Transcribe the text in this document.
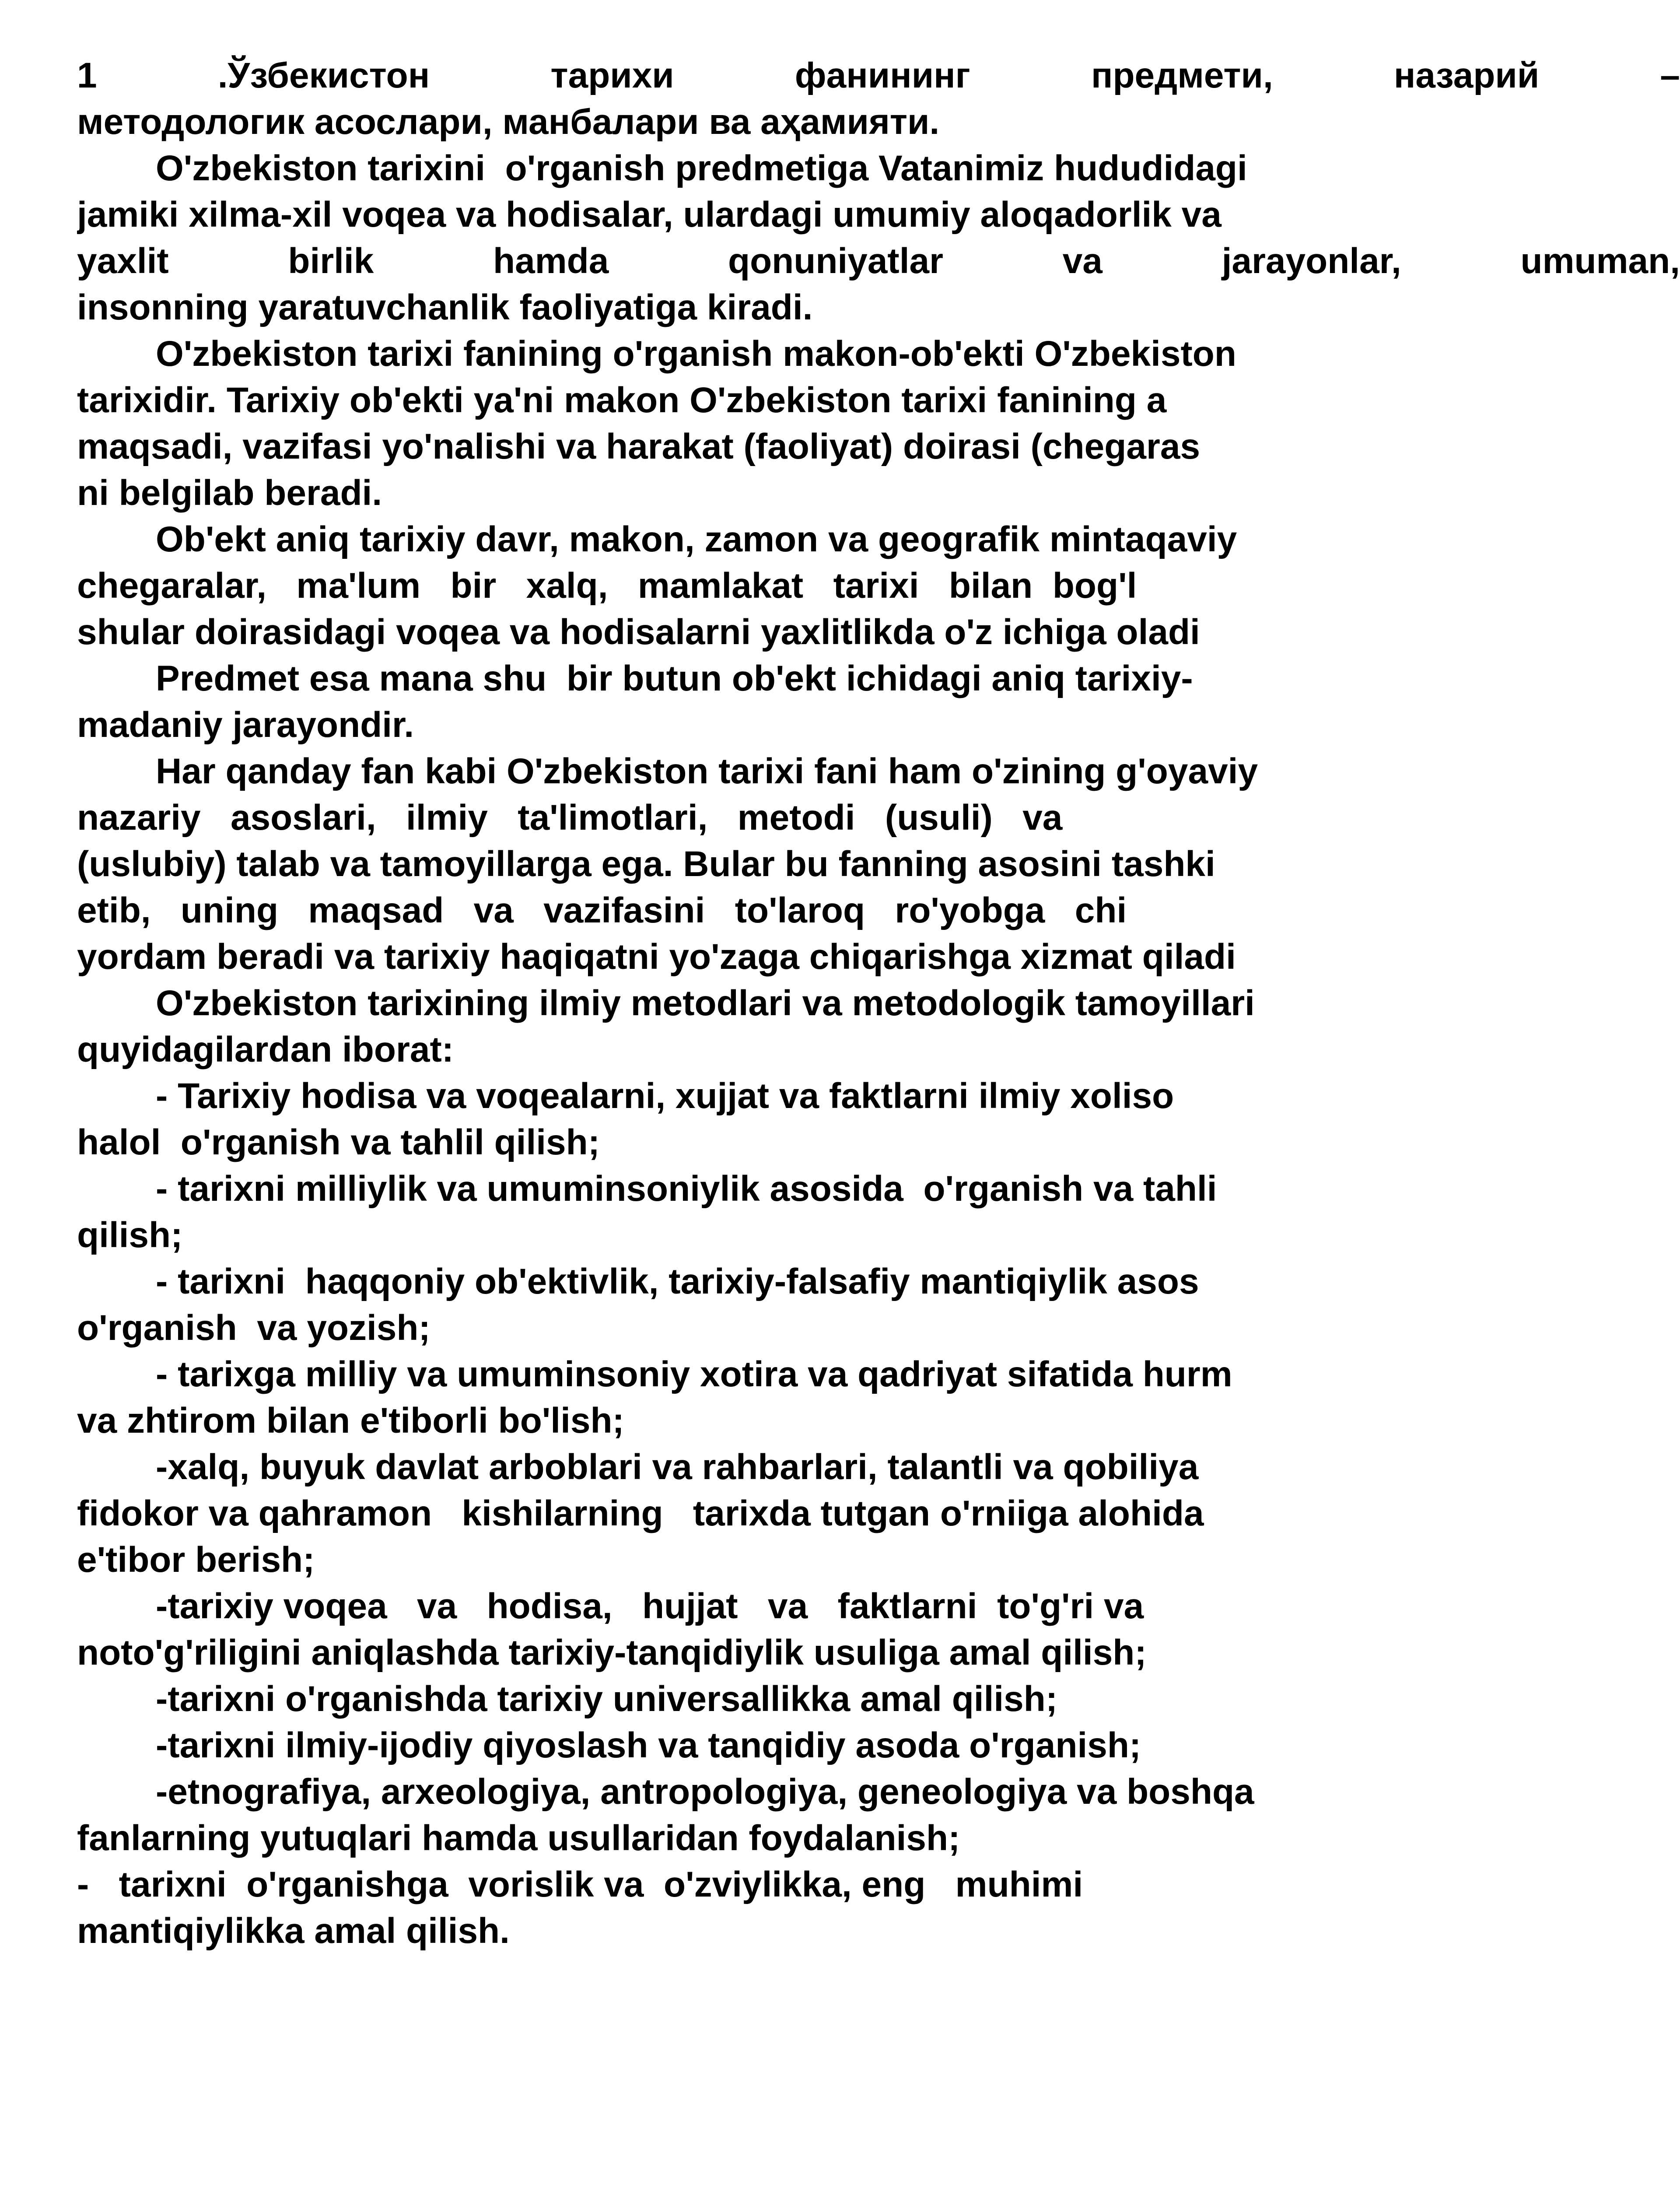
1 .Ўзбекистон тарихи фанининг предмети, назарий –
методологик асослари, манбалари ва аҳамияти.
O'zbekiston tarixini  o'rganish predmetiga Vatanimiz hududidagi
jamiki xilma-xil voqea va hodisalar, ulardagi umumiy aloqadorlik va
yaxlit birlik hamda qonuniyatlar va jarayonlar, umuman,
insonning yaratuvchanlik faoliyatiga kiradi.
O'zbekiston tarixi fanining o'rganish makon-ob'ekti O'zbekiston
tarixidir. Tarixiy ob'ekti ya'ni makon O'zbekiston tarixi fanining a
maqsadi, vazifasi yo'nalishi va harakat (faoliyat) doirasi (chegaras
ni belgilab beradi.
Ob'ekt aniq tarixiy davr, makon, zamon va geografik mintaqaviy
chegaralar,   ma'lum   bir   xalq,   mamlakat   tarixi   bilan  bog'l
shular doirasidagi voqea va hodisalarni yaxlitlikda o'z ichiga oladi
Predmet esa mana shu  bir butun ob'ekt ichidagi aniq tarixiy-
madaniy jarayondir.
Har qanday fan kabi O'zbekiston tarixi fani ham o'zining g'oyaviy
nazariy   asoslari,   ilmiy   ta'limotlari,   metodi   (usuli)   va
(uslubiy) talab va tamoyillarga ega. Bular bu fanning asosini tashki
etib,   uning   maqsad   va   vazifasini   to'laroq   ro'yobga   chi
yordam beradi va tarixiy haqiqatni yo'zaga chiqarishga xizmat qiladi
O'zbekiston tarixining ilmiy metodlari va metodologik tamoyillari
quyidagilardan iborat:
- Tarixiy hodisa va voqealarni, xujjat va faktlarni ilmiy xoliso
halol  o'rganish va tahlil qilish;
- tarixni milliylik va umuminsoniylik asosida  o'rganish va tahli
qilish;
- tarixni  haqqoniy ob'ektivlik, tarixiy-falsafiy mantiqiylik asos
o'rganish  va yozish;
- tarixga milliy va umuminsoniy xotira va qadriyat sifatida hurm
va zhtirom bilan e'tiborli bo'lish;
-xalq, buyuk davlat arboblari va rahbarlari, talantli va qobiliya
fidokor va qahramon   kishilarning   tarixda tutgan o'rniiga alohida
e'tibor berish;
-tarixiy voqea   va   hodisa,   hujjat   va   faktlarni  to'g'ri va
noto'g'riligini aniqlashda tarixiy-tanqidiylik usuliga amal qilish;
-tarixni o'rganishda tarixiy universallikka amal qilish;
-tarixni ilmiy-ijodiy qiyoslash va tanqidiy asoda o'rganish;
-etnografiya, arxeologiya, antropologiya, geneologiya va boshqa
fanlarning yutuqlari hamda usullaridan foydalanish;
-   tarixni  o'rganishga  vorislik va  o'zviylikka, eng   muhimi
mantiqiylikka amal qilish.
